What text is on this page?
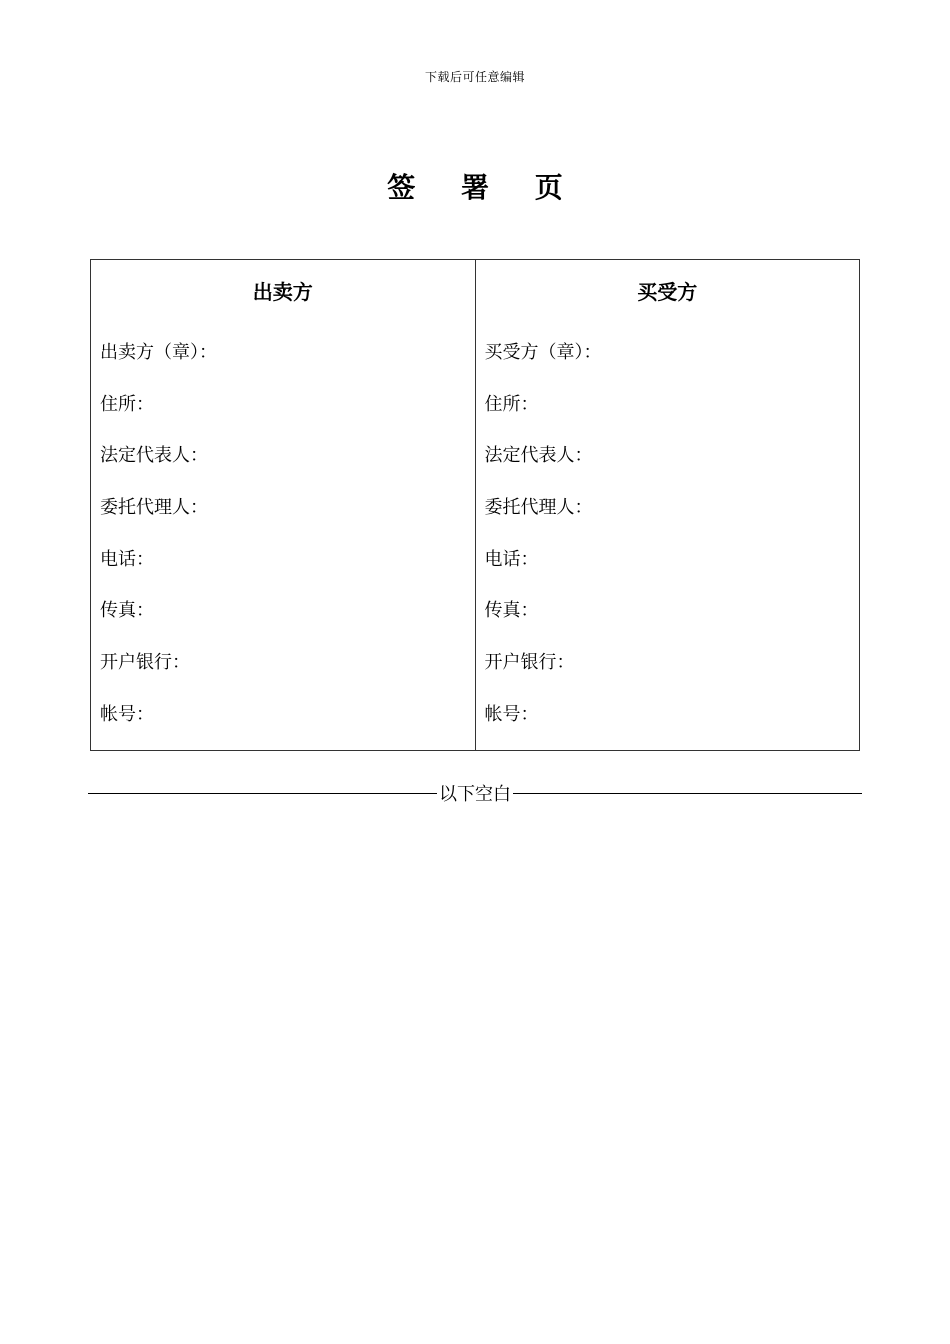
下载后可任意编辑
签 署 页
出卖方
出卖方（章）：
住所：
法定代表人：
委托代理人：
电话：
传真：
开户银行：
帐号：
买受方
买受方（章）：
住所：
法定代表人：
委托代理人：
电话：
传真：
开户银行：
帐号：
以下空白
